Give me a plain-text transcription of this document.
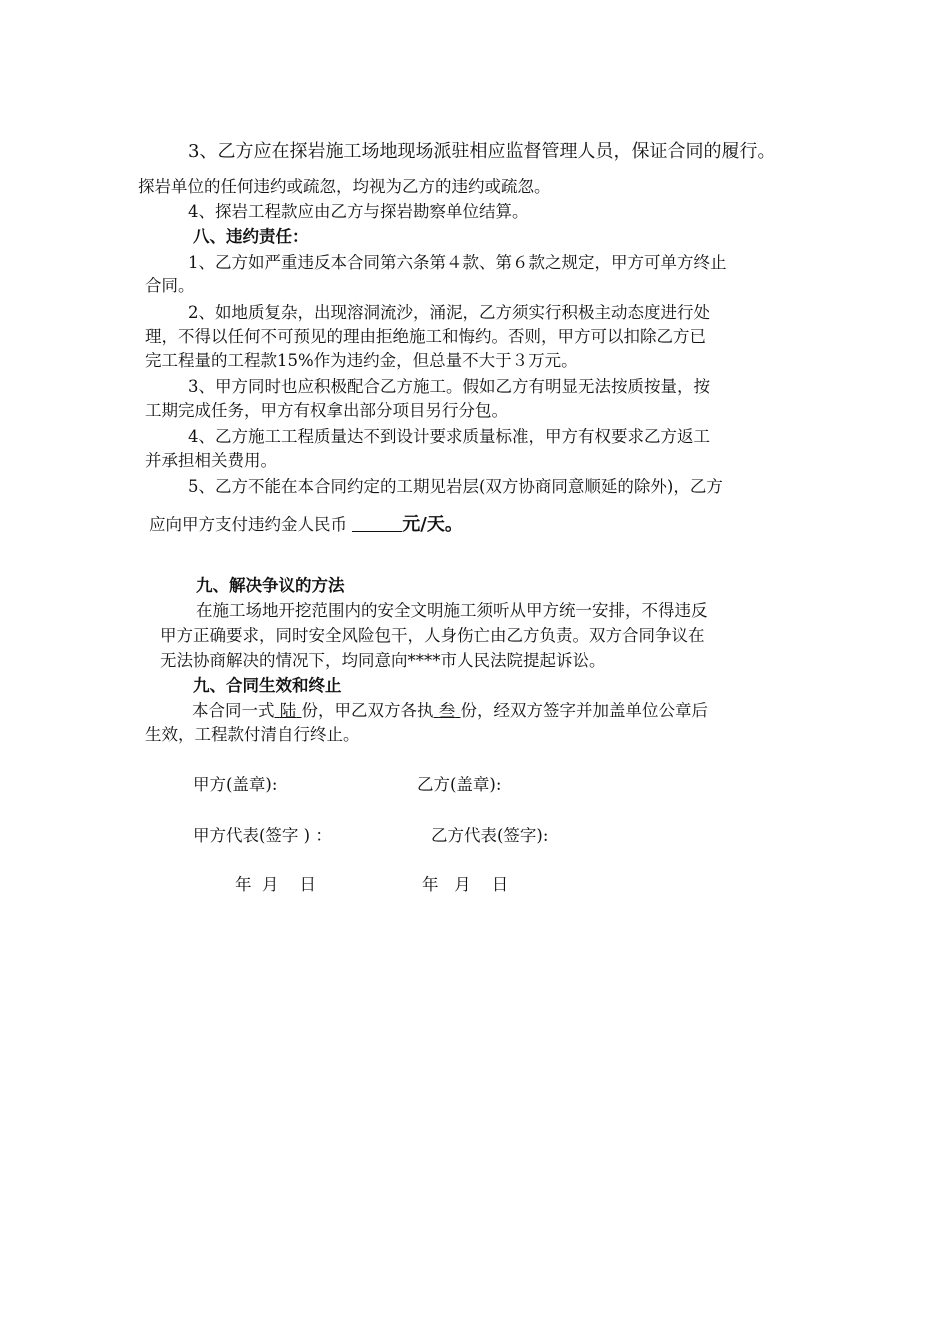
3、乙方应在探岩施工场地现场派驻相应监督管理人员，保证合同的履行。
探岩单位的任何违约或疏忽，均视为乙方的违约或疏忽。
4、探岩工程款应由乙方与探岩勘察单位结算。
八、违约责任：
1、乙方如严重违反本合同第六条第４款、第６款之规定，甲方可单方终止
合同。
2、如地质复杂，出现溶洞流沙，涌泥，乙方须实行积极主动态度进行处
理，不得以任何不可预见的理由拒绝施工和悔约。否则，甲方可以扣除乙方已
完工程量的工程款15%作为违约金，但总量不大于３万元。
3、甲方同时也应积极配合乙方施工。假如乙方有明显无法按质按量，按
工期完成任务，甲方有权拿出部分项目另行分包。
4、乙方施工工程质量达不到设计要求质量标准，甲方有权要求乙方返工
并承担相关费用。
5、乙方不能在本合同约定的工期见岩层(双方协商同意顺延的除外)，乙方
应向甲方支付违约金人民币	元/天。
九、解决争议的方法
在施工场地开挖范围内的安全文明施工须听从甲方统一安排，不得违反
甲方正确要求，同时安全风险包干，人身伤亡由乙方负责。双方合同争议在
无法协商解决的情况下，均同意向****市人民法院提起诉讼。
九、合同生效和终止
本合同一式 陆 份，甲乙双方各执 叁 份，经双方签字并加盖单位公章后
生效，工程款付清自行终止。
甲方(盖章):	乙方(盖章):
甲方代表(签字 ) ：	乙方代表(签字):
年  月    日	年   月    日
